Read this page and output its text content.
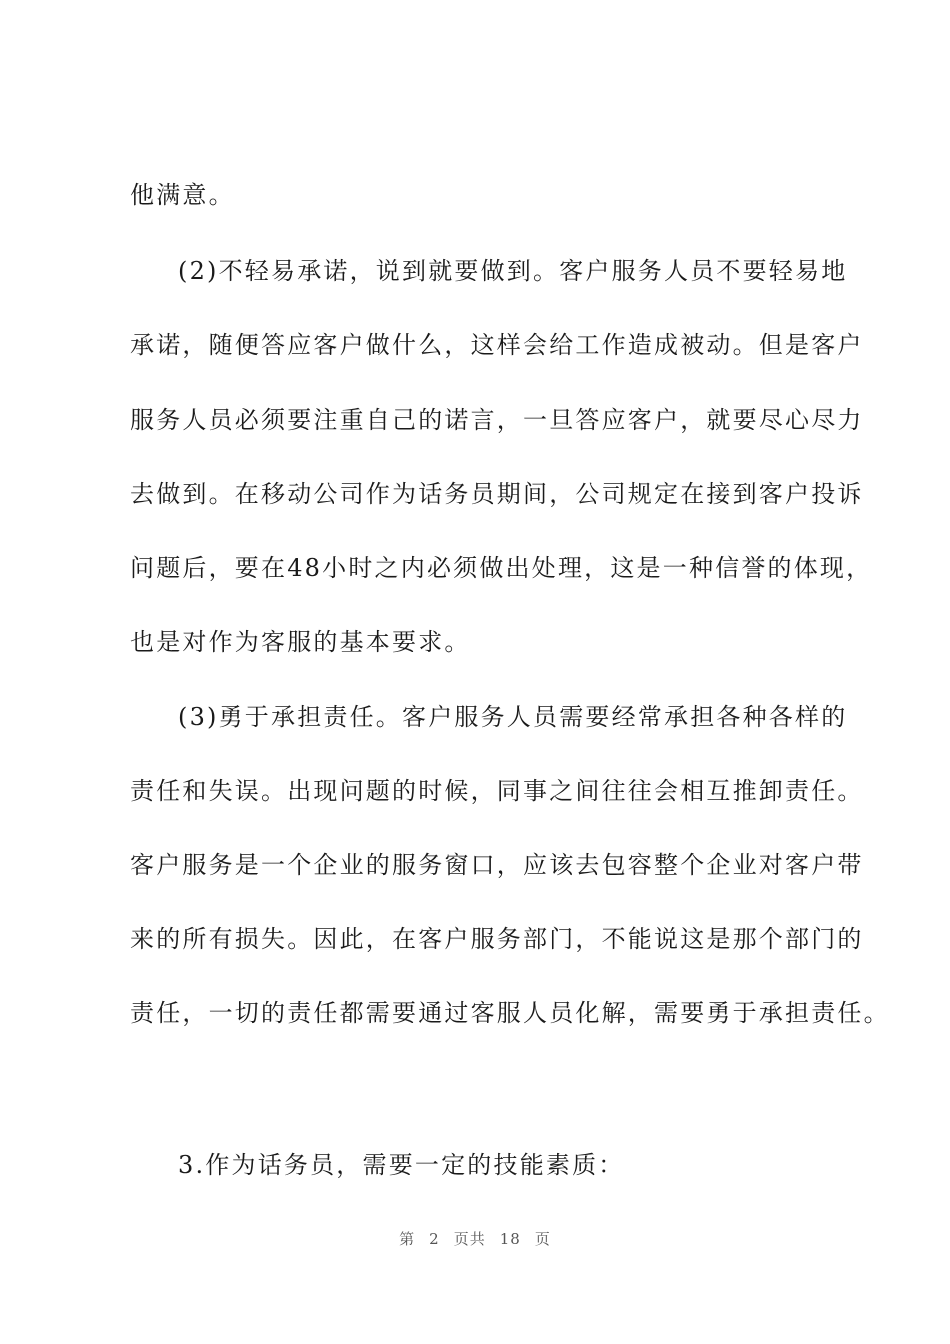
他满意。
(2)不轻易承诺，说到就要做到。客户服务人员不要轻易地
承诺，随便答应客户做什么，这样会给工作造成被动。但是客户
服务人员必须要注重自己的诺言，一旦答应客户，就要尽心尽力
去做到。在移动公司作为话务员期间，公司规定在接到客户投诉
问题后，要在48小时之内必须做出处理，这是一种信誉的体现，
也是对作为客服的基本要求。
(3)勇于承担责任。客户服务人员需要经常承担各种各样的
责任和失误。出现问题的时候，同事之间往往会相互推卸责任。
客户服务是一个企业的服务窗口，应该去包容整个企业对客户带
来的所有损失。因此，在客户服务部门，不能说这是那个部门的
责任，一切的责任都需要通过客服人员化解，需要勇于承担责任。
3.作为话务员，需要一定的技能素质：
第 2 页共 18 页
